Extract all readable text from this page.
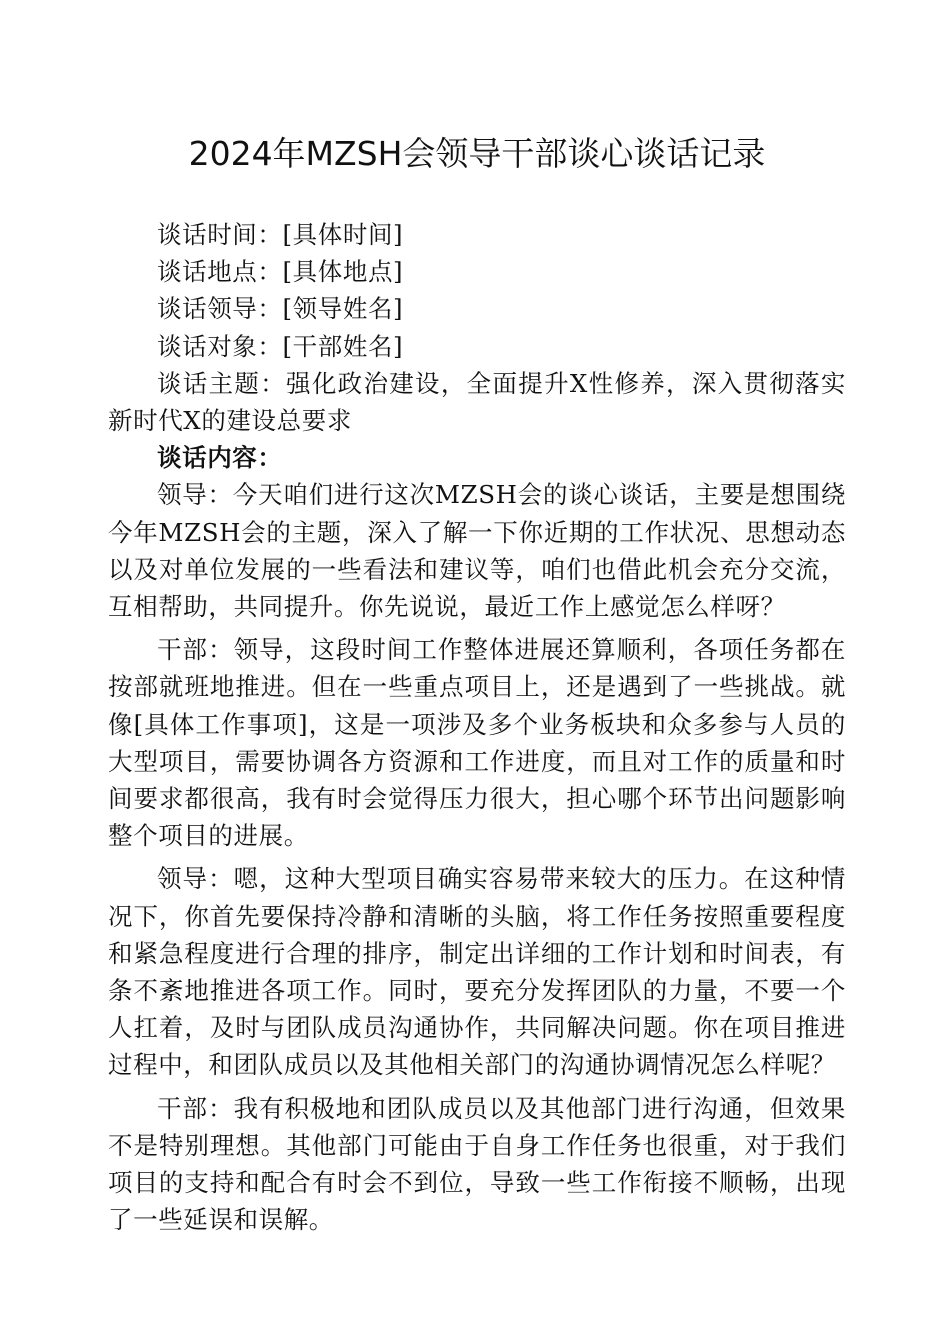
2024年MZSH会领导干部谈心谈话记录

谈话时间：[具体时间]

谈话地点：[具体地点]

谈话领导：[领导姓名]

谈话对象：[干部姓名]

谈话主题：强化政治建设，全面提升X性修养，深入贯彻落实新时代X的建设总要求

谈话内容：

领导：今天咱们进行这次MZSH会的谈心谈话，主要是想围绕今年MZSH会的主题，深入了解一下你近期的工作状况、思想动态以及对单位发展的一些看法和建议等，咱们也借此机会充分交流，互相帮助，共同提升。你先说说，最近工作上感觉怎么样呀？

干部：领导，这段时间工作整体进展还算顺利，各项任务都在按部就班地推进。但在一些重点项目上，还是遇到了一些挑战。就像[具体工作事项]，这是一项涉及多个业务板块和众多参与人员的大型项目，需要协调各方资源和工作进度，而且对工作的质量和时间要求都很高，我有时会觉得压力很大，担心哪个环节出问题影响整个项目的进展。

领导：嗯，这种大型项目确实容易带来较大的压力。在这种情况下，你首先要保持冷静和清晰的头脑，将工作任务按照重要程度和紧急程度进行合理的排序，制定出详细的工作计划和时间表，有条不紊地推进各项工作。同时，要充分发挥团队的力量，不要一个人扛着，及时与团队成员沟通协作，共同解决问题。你在项目推进过程中，和团队成员以及其他相关部门的沟通协调情况怎么样呢？

干部：我有积极地和团队成员以及其他部门进行沟通，但效果不是特别理想。其他部门可能由于自身工作任务也很重，对于我们项目的支持和配合有时会不到位，导致一些工作衔接不顺畅，出现了一些延误和误解。
